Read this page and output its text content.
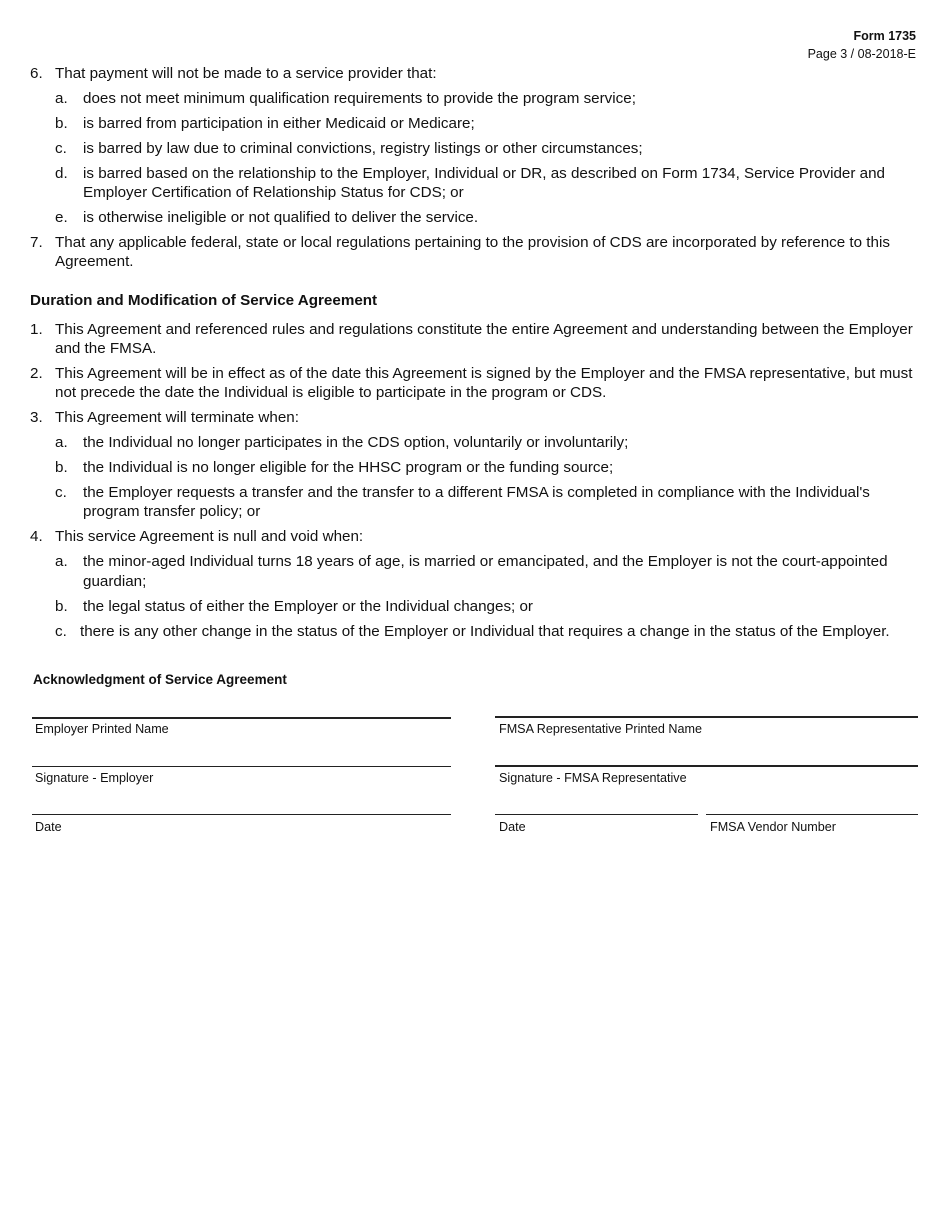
Form 1735
Page 3 / 08-2018-E
6. That payment will not be made to a service provider that:
a.	does not meet minimum qualification requirements to provide the program service;
b.	is barred from participation in either Medicaid or Medicare;
c.	is barred by law due to criminal convictions, registry listings or other circumstances;
d.	is barred based on the relationship to the Employer, Individual or DR, as described on Form 1734, Service Provider and Employer Certification of Relationship Status for CDS; or
e.	is otherwise ineligible or not qualified to deliver the service.
7. That any applicable federal, state or local regulations pertaining to the provision of CDS are incorporated by reference to this Agreement.
Duration and Modification of Service Agreement
1. This Agreement and referenced rules and regulations constitute the entire Agreement and understanding between the Employer and the FMSA.
2. This Agreement will be in effect as of the date this Agreement is signed by the Employer and the FMSA representative, but must not precede the date the Individual is eligible to participate in the program or CDS.
3. This Agreement will terminate when:
a.	the Individual no longer participates in the CDS option, voluntarily or involuntarily;
b.	the Individual is no longer eligible for the HHSC program or the funding source;
c.	the Employer requests a transfer and the transfer to a different FMSA is completed in compliance with the Individual's program transfer policy; or
4. This service Agreement is null and void when:
a.	the minor-aged Individual turns 18 years of age, is married or emancipated, and the Employer is not the court-appointed guardian;
b.	the legal status of either the Employer or the Individual changes; or
c. there is any other change in the status of the Employer or Individual that requires a change in the status of the Employer.
Acknowledgment of Service Agreement
Employer Printed Name	FMSA Representative Printed Name
Signature - Employer	Signature - FMSA Representative
Date	Date	FMSA Vendor Number
